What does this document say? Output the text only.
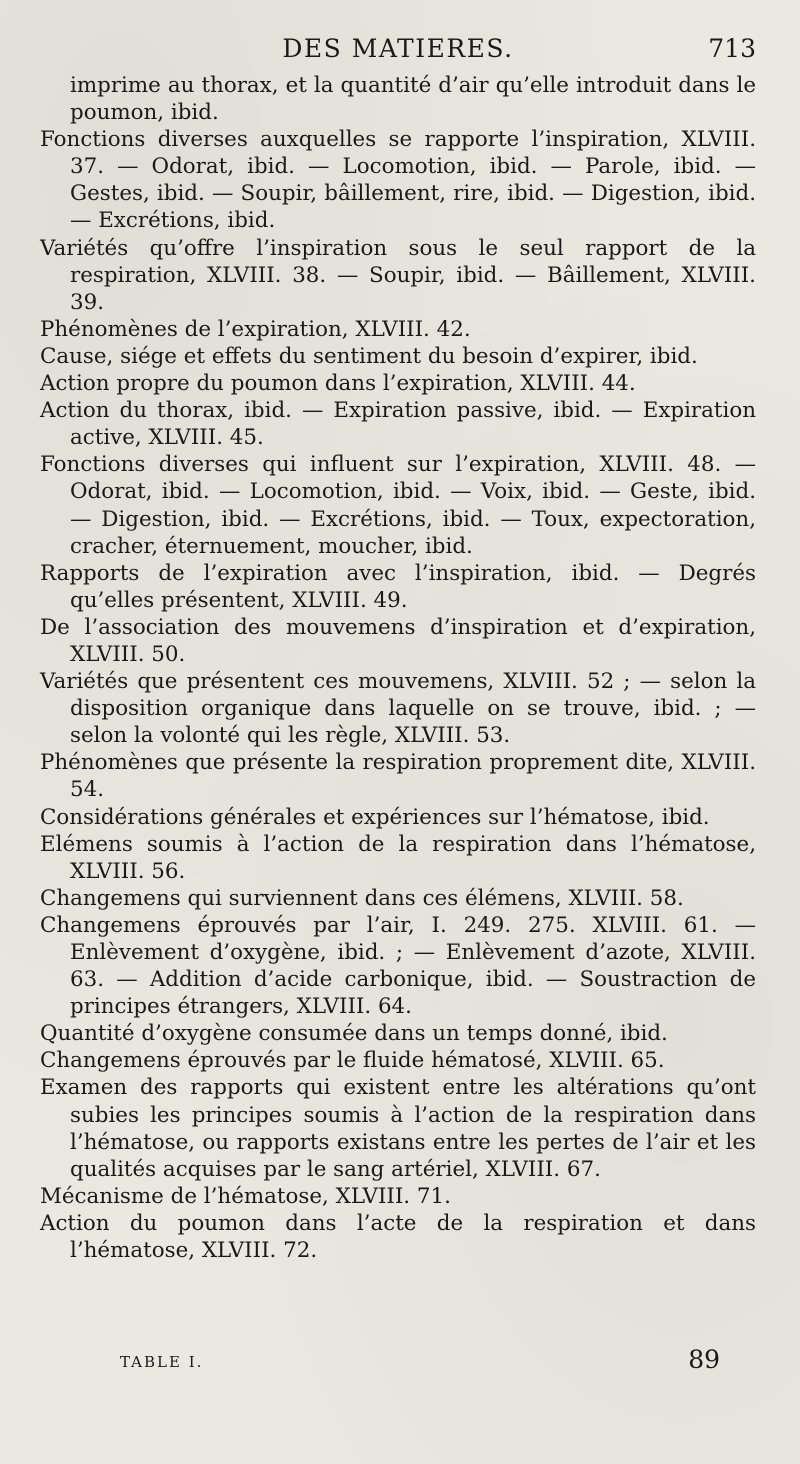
DES MATIERES.	713

imprime au thorax, et la quantité d’air qu’elle introduit dans le poumon, ibid.

Fonctions diverses auxquelles se rapporte l’inspiration, XLVIII. 37. — Odorat, ibid. — Locomotion, ibid. — Parole, ibid. — Gestes, ibid. — Soupir, bâillement, rire, ibid. — Digestion, ibid. — Excrétions, ibid.

Variétés qu’offre l’inspiration sous le seul rapport de la respiration, XLVIII. 38. — Soupir, ibid. — Bâillement, XLVIII. 39.

Phénomènes de l’expiration, XLVIII. 42.

Cause, siége et effets du sentiment du besoin d’expirer, ibid.

Action propre du poumon dans l’expiration, XLVIII. 44.

Action du thorax, ibid. — Expiration passive, ibid. — Expiration active, XLVIII. 45.

Fonctions diverses qui influent sur l’expiration, XLVIII. 48. — Odorat, ibid. — Locomotion, ibid. — Voix, ibid. — Geste, ibid. — Digestion, ibid. — Excrétions, ibid. — Toux, expectoration, cracher, éternuement, moucher, ibid.

Rapports de l’expiration avec l’inspiration, ibid. — Degrés qu’elles présentent, XLVIII. 49.

De l’association des mouvemens d’inspiration et d’expiration, XLVIII. 50.

Variétés que présentent ces mouvemens, XLVIII. 52 ; — selon la disposition organique dans laquelle on se trouve, ibid. ; — selon la volonté qui les règle, XLVIII. 53.

Phénomènes que présente la respiration proprement dite, XLVIII. 54.

Considérations générales et expériences sur l’hématose, ibid.

Elémens soumis à l’action de la respiration dans l’hématose, XLVIII. 56.

Changemens qui surviennent dans ces élémens, XLVIII. 58.

Changemens éprouvés par l’air, I. 249. 275. XLVIII. 61. — Enlèvement d’oxygène, ibid. ; — Enlèvement d’azote, XLVIII. 63. — Addition d’acide carbonique, ibid. — Soustraction de principes étrangers, XLVIII. 64.

Quantité d’oxygène consumée dans un temps donné, ibid.

Changemens éprouvés par le fluide hématosé, XLVIII. 65.

Examen des rapports qui existent entre les altérations qu’ont subies les principes soumis à l’action de la respiration dans l’hématose, ou rapports existans entre les pertes de l’air et les qualités acquises par le sang artériel, XLVIII. 67.

Mécanisme de l’hématose, XLVIII. 71.

Action du poumon dans l’acte de la respiration et dans l’hématose, XLVIII. 72.

TABLE I.	89
